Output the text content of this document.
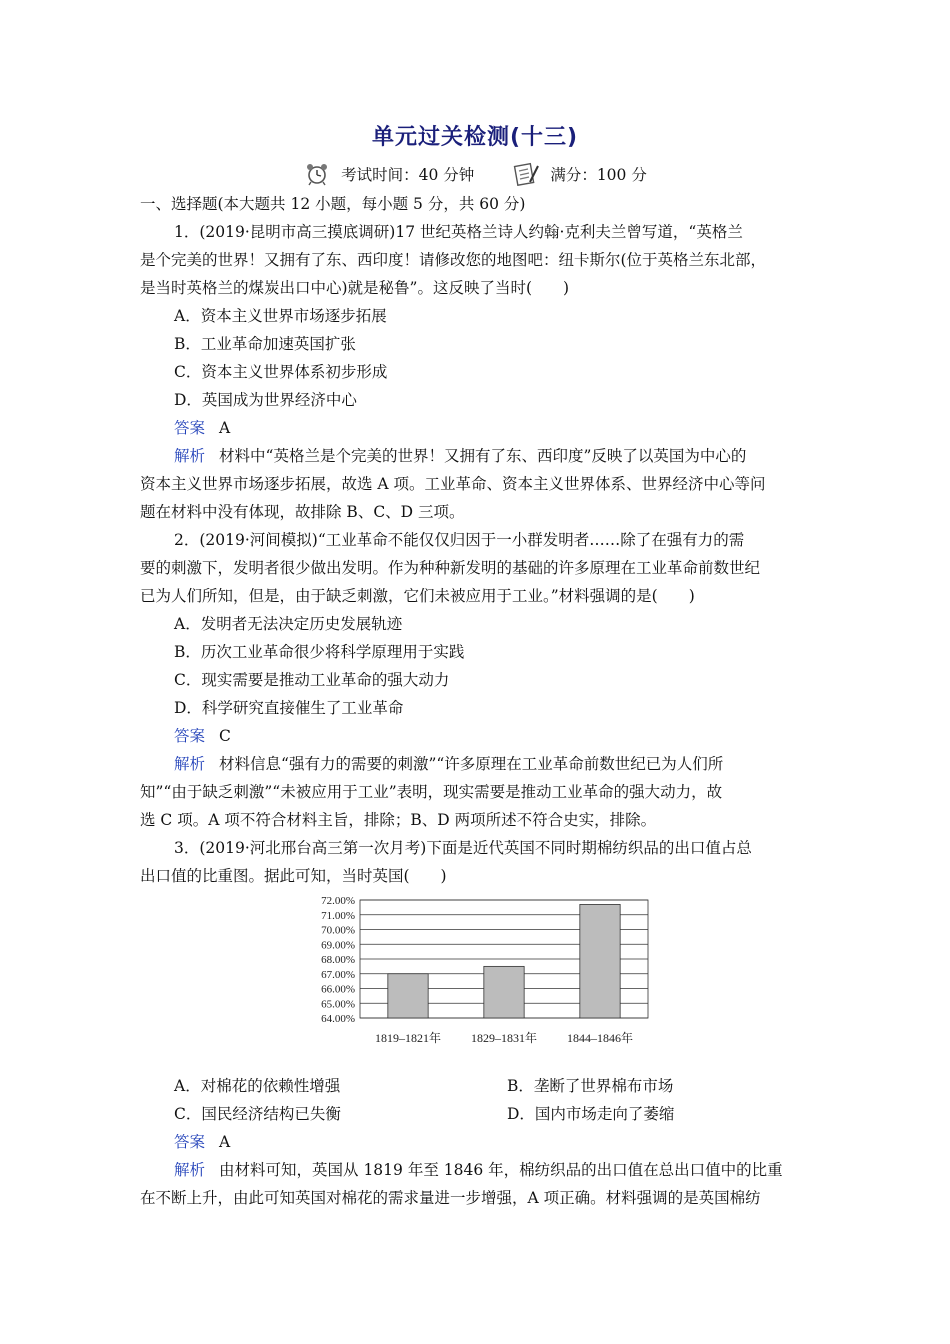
单元过关检测(十三)
考试时间：40 分钟	满分：100 分
一、选择题(本大题共 12 小题，每小题 5 分，共 60 分)
1．(2019·昆明市高三摸底调研)17 世纪英格兰诗人约翰·克利夫兰曾写道，“英格兰
是个完美的世界！又拥有了东、西印度！请修改您的地图吧：纽卡斯尔(位于英格兰东北部，
是当时英格兰的煤炭出口中心)就是秘鲁”。这反映了当时(　　)
A．资本主义世界市场逐步拓展
B．工业革命加速英国扩张
C．资本主义世界体系初步形成
D．英国成为世界经济中心
答案 A
解析 材料中“英格兰是个完美的世界！又拥有了东、西印度”反映了以英国为中心的
资本主义世界市场逐步拓展，故选 A 项。工业革命、资本主义世界体系、世界经济中心等问
题在材料中没有体现，故排除 B、C、D 三项。
2．(2019·河间模拟)“工业革命不能仅仅归因于一小群发明者……除了在强有力的需
要的刺激下，发明者很少做出发明。作为种种新发明的基础的许多原理在工业革命前数世纪
已为人们所知，但是，由于缺乏刺激，它们未被应用于工业。”材料强调的是(　　)
A．发明者无法决定历史发展轨迹
B．历次工业革命很少将科学原理用于实践
C．现实需要是推动工业革命的强大动力
D．科学研究直接催生了工业革命
答案 C
解析 材料信息“强有力的需要的刺激”“许多原理在工业革命前数世纪已为人们所
知”“由于缺乏刺激”“未被应用于工业”表明，现实需要是推动工业革命的强大动力，故
选 C 项。A 项不符合材料主旨，排除；B、D 两项所述不符合史实，排除。
3．(2019·河北邢台高三第一次月考)下面是近代英国不同时期棉纺织品的出口值占总
出口值的比重图。据此可知，当时英国(　　)
72.00%
71.00%
70.00%
69.00%
68.00%
67.00%
66.00%
65.00%
64.00%
1819–1821年 1829–1831年 1844–1846年
A．对棉花的依赖性增强	B．垄断了世界棉布市场
C．国民经济结构已失衡	D．国内市场走向了萎缩
答案 A
解析 由材料可知，英国从 1819 年至 1846 年，棉纺织品的出口值在总出口值中的比重
在不断上升，由此可知英国对棉花的需求量进一步增强，A 项正确。材料强调的是英国棉纺
